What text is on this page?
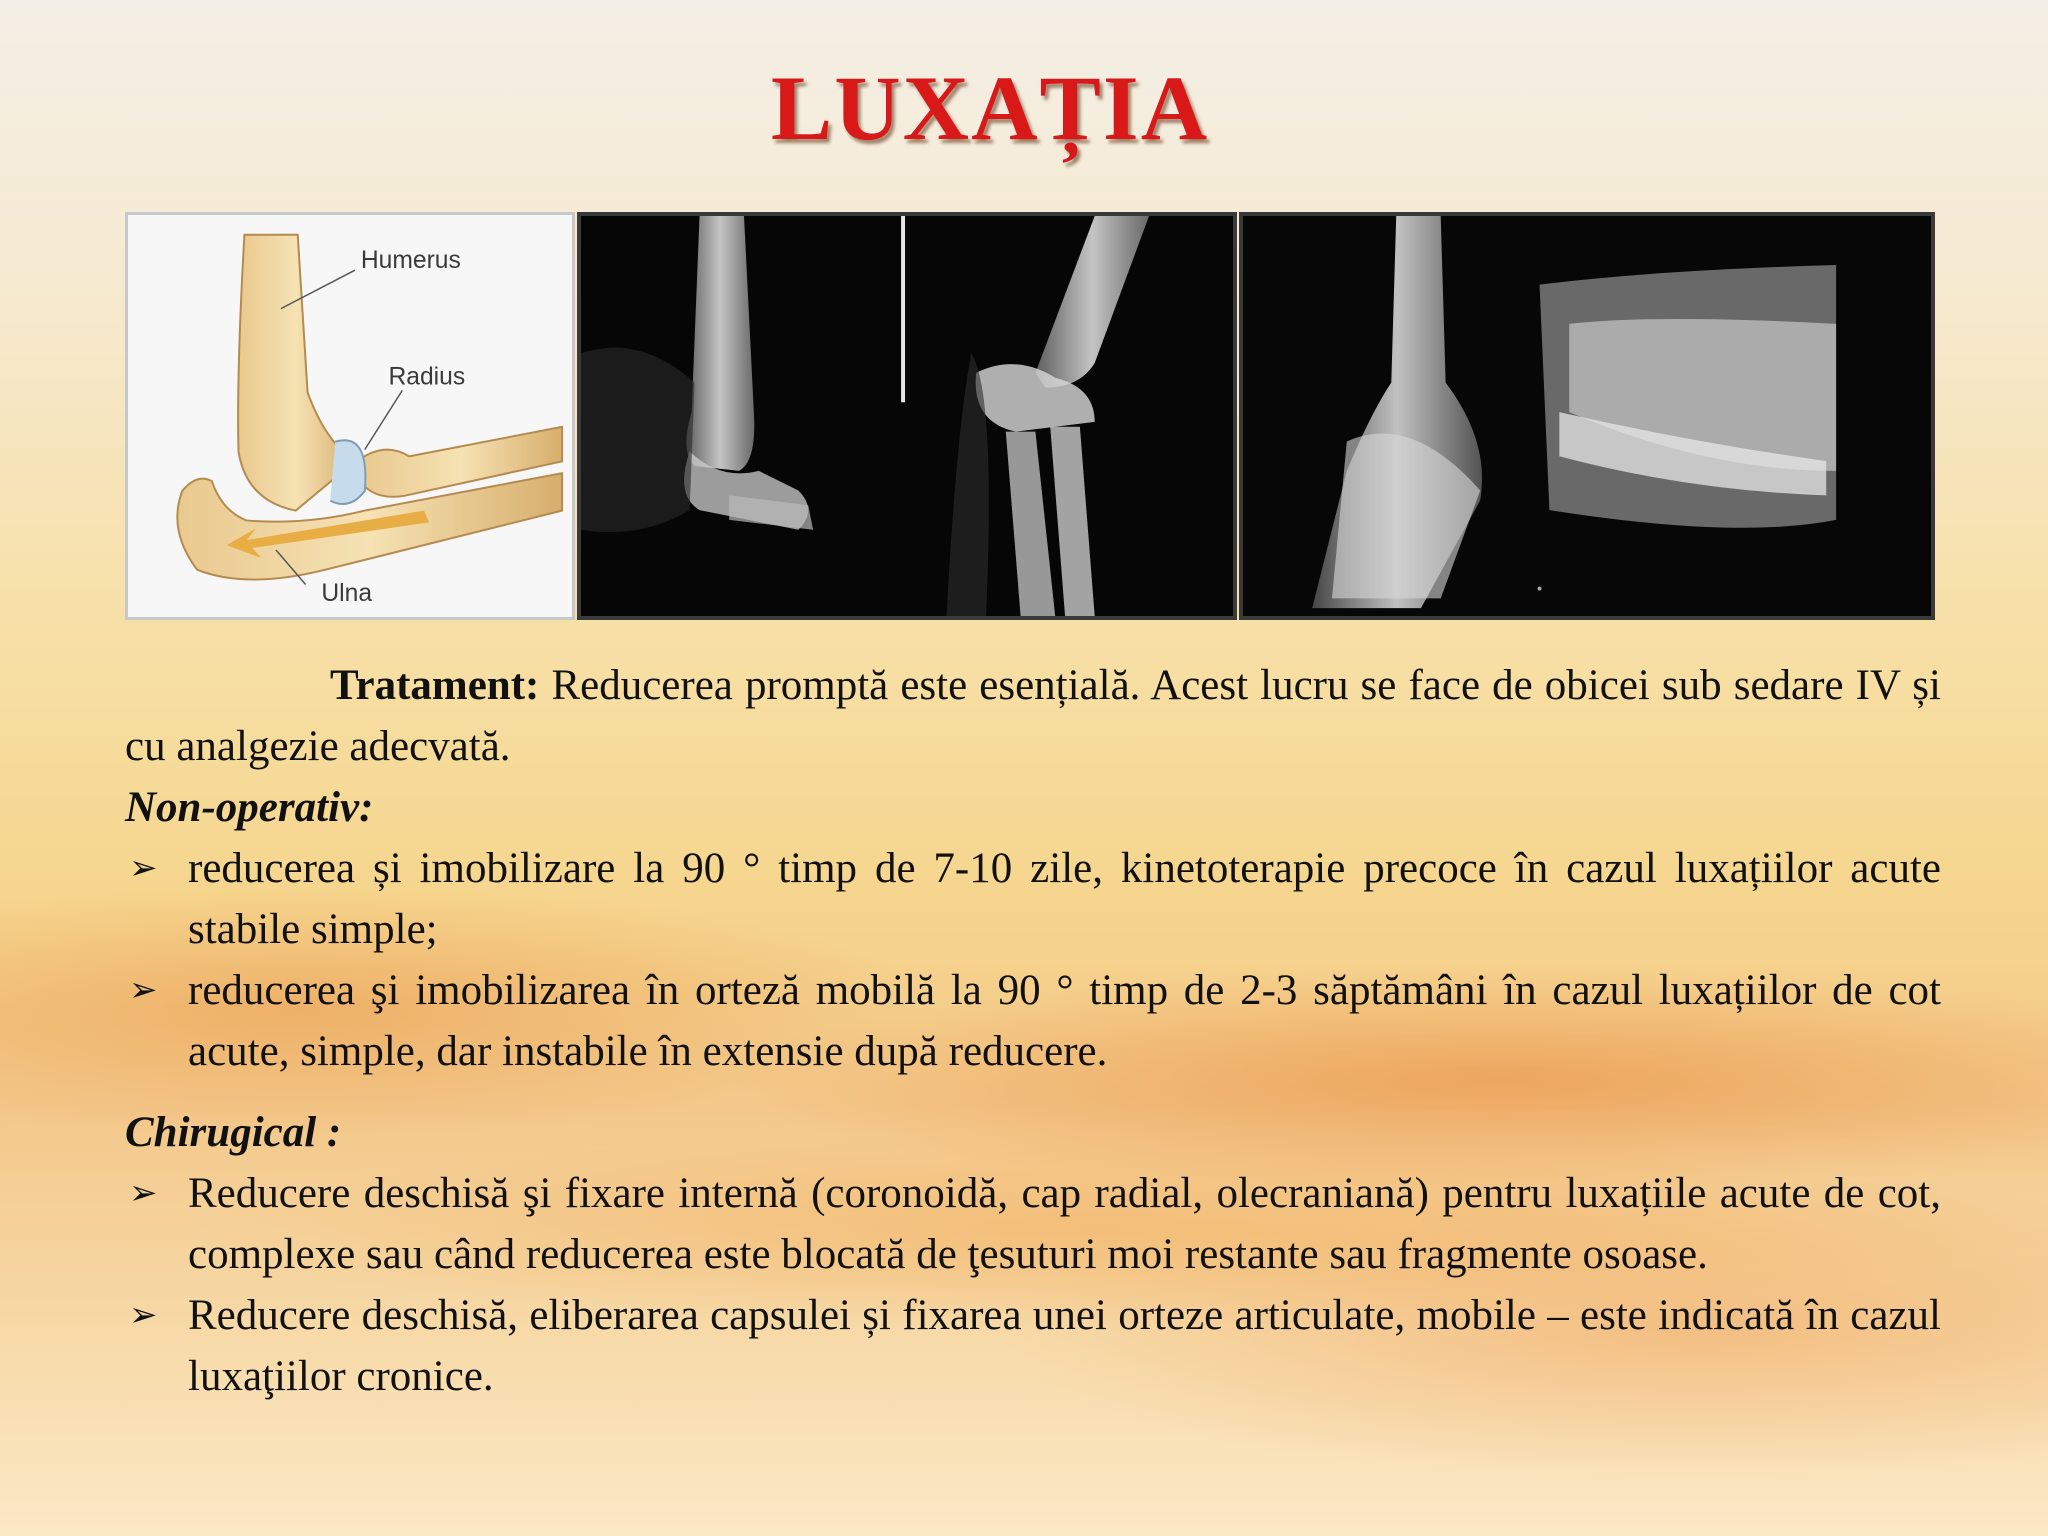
LUXAȚIA
Humerus
Radius
Ulna

Tratament: Reducerea promptă este esențială. Acest lucru se face de obicei sub sedare IV și cu analgezie adecvată.

Non-operativ:

➢ reducerea și imobilizare la 90 ° timp de 7-10 zile, kinetoterapie precoce în cazul luxațiilor acute stabile simple;
➢ reducerea şi imobilizarea în orteză mobilă la 90 ° timp de 2-3 săptămâni în cazul luxațiilor de cot acute, simple, dar instabile în extensie după reducere.

Chirugical :

➢ Reducere deschisă şi fixare internă (coronoidă, cap radial, olecraniană) pentru luxațiile acute de cot, complexe sau când reducerea este blocată de ţesuturi moi restante sau fragmente osoase.
➢ Reducere deschisă, eliberarea capsulei și fixarea unei orteze articulate, mobile – este indicată în cazul luxaţiilor cronice.
